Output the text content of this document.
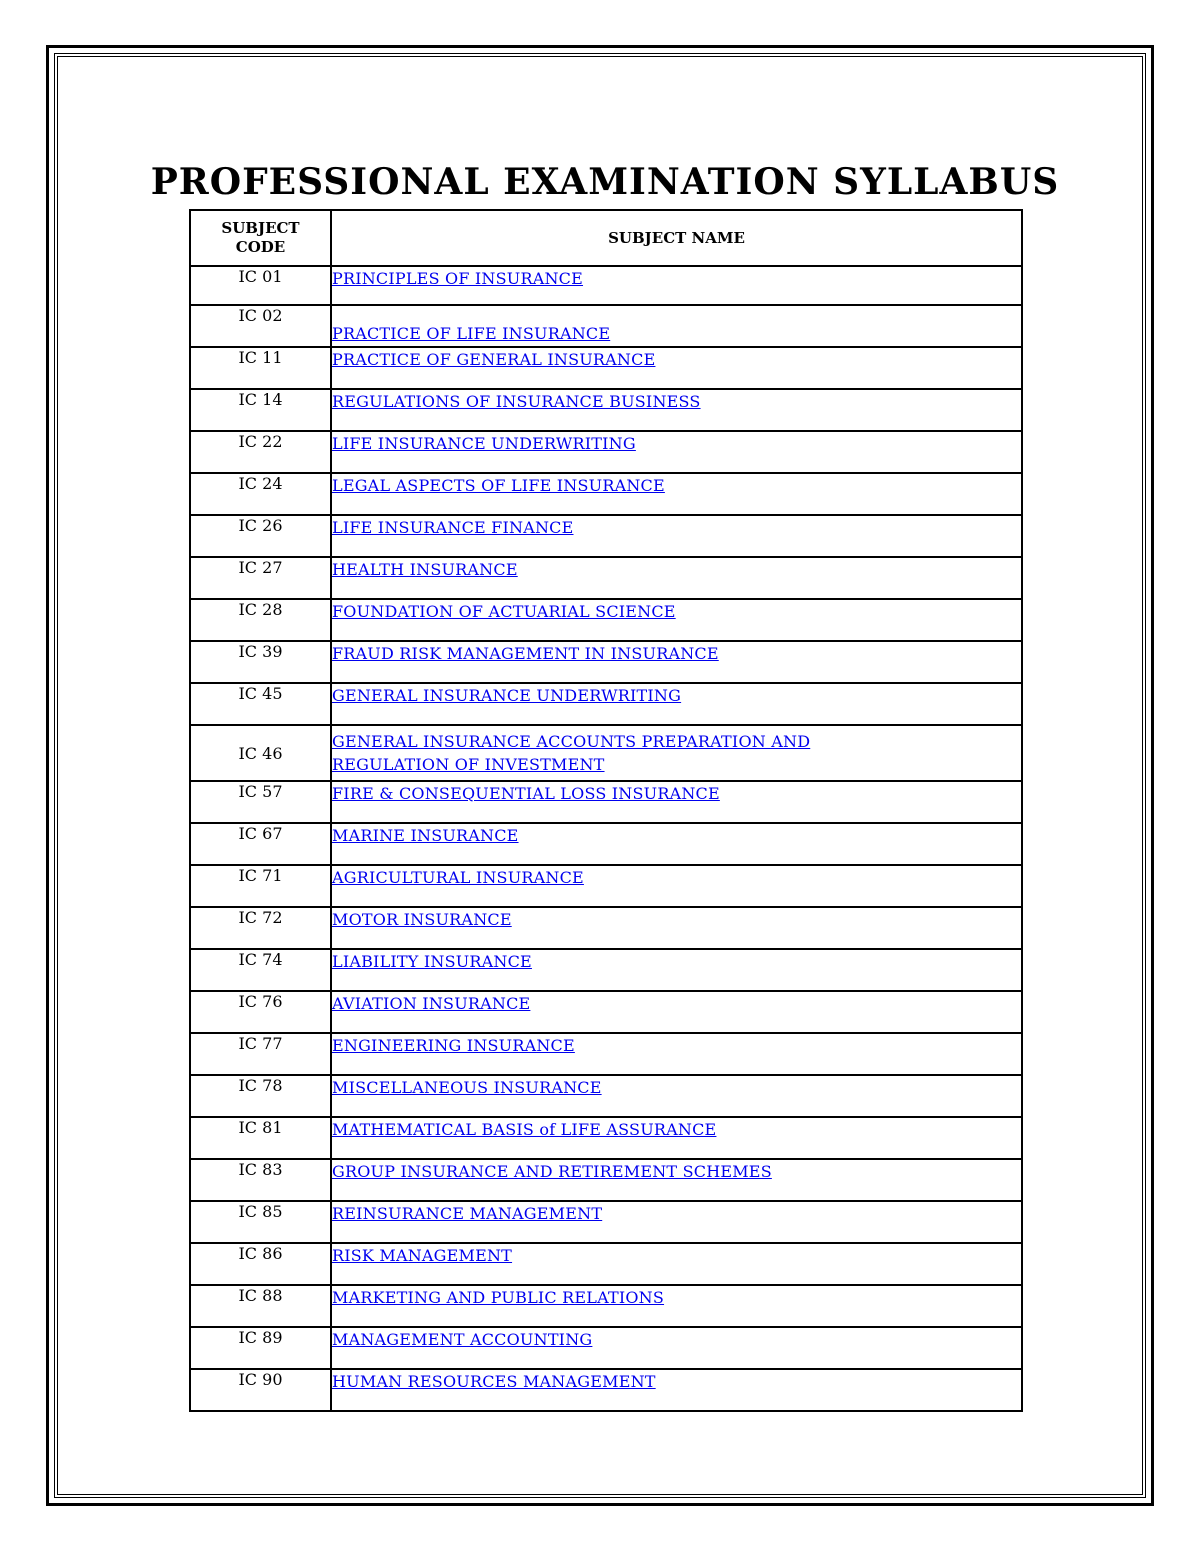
PROFESSIONAL EXAMINATION SYLLABUS
SUBJECT
CODE	SUBJECT NAME
IC 01	PRINCIPLES OF INSURANCE
IC 02	PRACTICE OF LIFE INSURANCE
IC 11	PRACTICE OF GENERAL INSURANCE
IC 14	REGULATIONS OF INSURANCE BUSINESS
IC 22	LIFE INSURANCE UNDERWRITING
IC 24	LEGAL ASPECTS OF LIFE INSURANCE
IC 26	LIFE INSURANCE FINANCE
IC 27	HEALTH INSURANCE
IC 28	FOUNDATION OF ACTUARIAL SCIENCE
IC 39	FRAUD RISK MANAGEMENT IN INSURANCE
IC 45	GENERAL INSURANCE UNDERWRITING
IC 46	GENERAL INSURANCE ACCOUNTS PREPARATION AND
REGULATION OF INVESTMENT
IC 57	FIRE & CONSEQUENTIAL LOSS INSURANCE
IC 67	MARINE INSURANCE
IC 71	AGRICULTURAL INSURANCE
IC 72	MOTOR INSURANCE
IC 74	LIABILITY INSURANCE
IC 76	AVIATION INSURANCE
IC 77	ENGINEERING INSURANCE
IC 78	MISCELLANEOUS INSURANCE
IC 81	MATHEMATICAL BASIS of LIFE ASSURANCE
IC 83	GROUP INSURANCE AND RETIREMENT SCHEMES
IC 85	REINSURANCE MANAGEMENT
IC 86	RISK MANAGEMENT
IC 88	MARKETING AND PUBLIC RELATIONS
IC 89	MANAGEMENT ACCOUNTING
IC 90	HUMAN RESOURCES MANAGEMENT
